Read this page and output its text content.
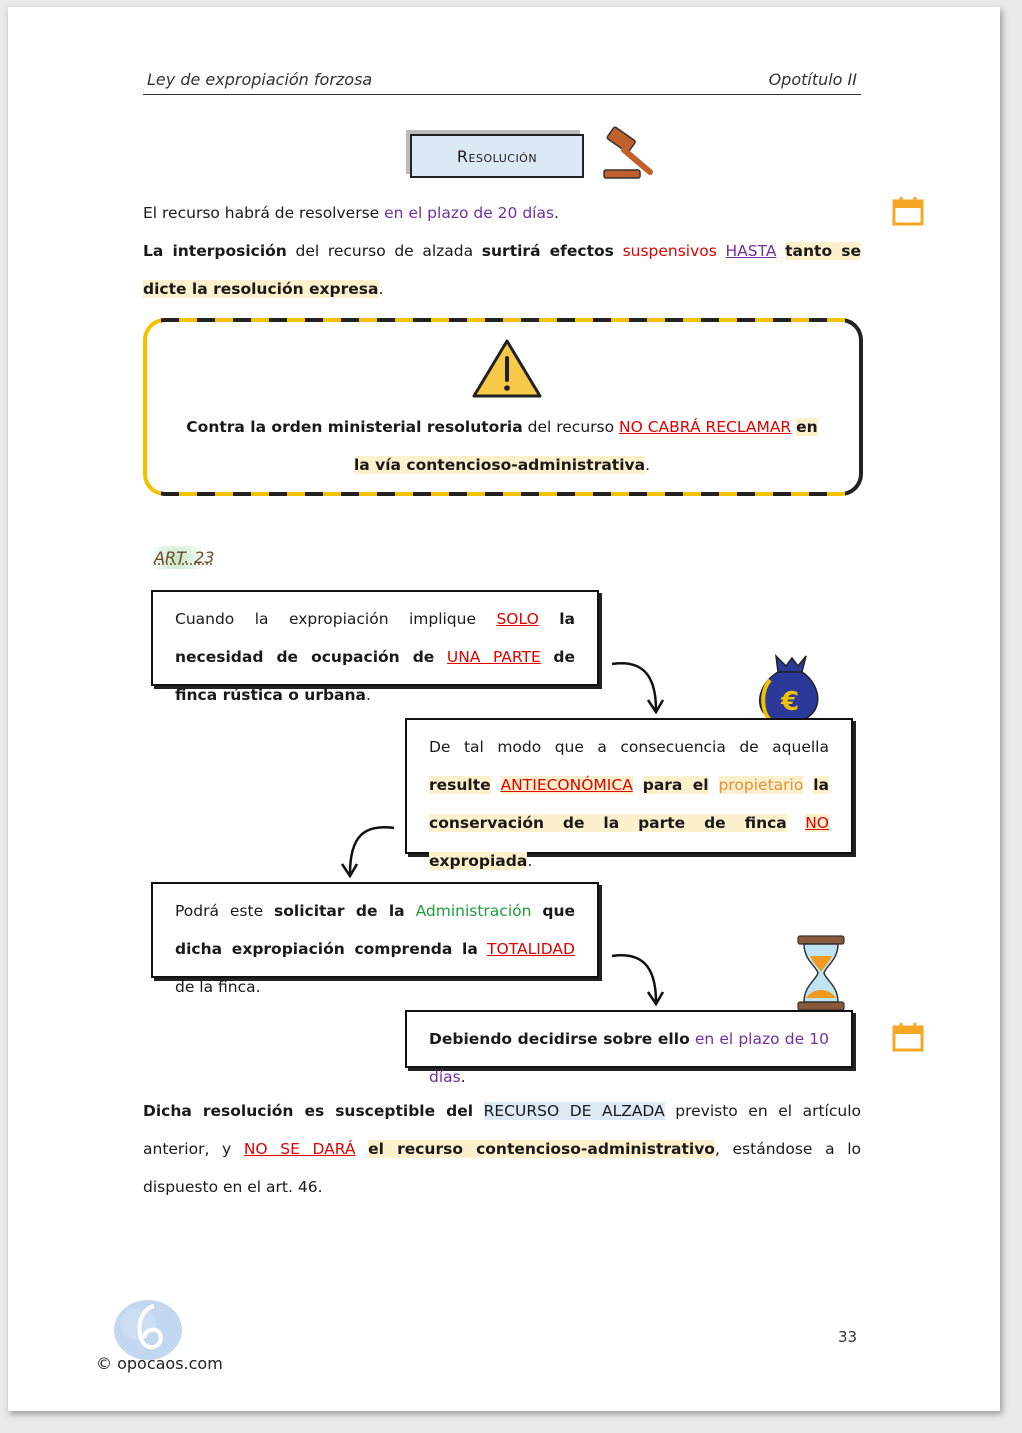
Ley de expropiación forzosa	Opotítulo II
Resolución
El recurso habrá de resolverse en el plazo de 20 días.
La interposición del recurso de alzada surtirá efectos suspensivos HASTA tanto se dicte la resolución expresa.
Contra la orden ministerial resolutoria del recurso NO CABRÁ RECLAMAR en la vía contencioso-administrativa.
ART. 23
Cuando la expropiación implique SOLO la necesidad de ocupación de UNA PARTE de finca rústica o urbana.	€
De tal modo que a consecuencia de aquella resulte ANTIECONÓMICA para el propietario la conservación de la parte de finca NO expropiada.
Podrá este solicitar de la Administración que dicha expropiación comprenda la TOTALIDAD de la finca.
Debiendo decidirse sobre ello en el plazo de 10 días.
Dicha resolución es susceptible del RECURSO DE ALZADA previsto en el artículo anterior, y NO SE DARÁ el recurso contencioso-administrativo, estándose a lo dispuesto en el art. 46.
© opocaos.com
33
